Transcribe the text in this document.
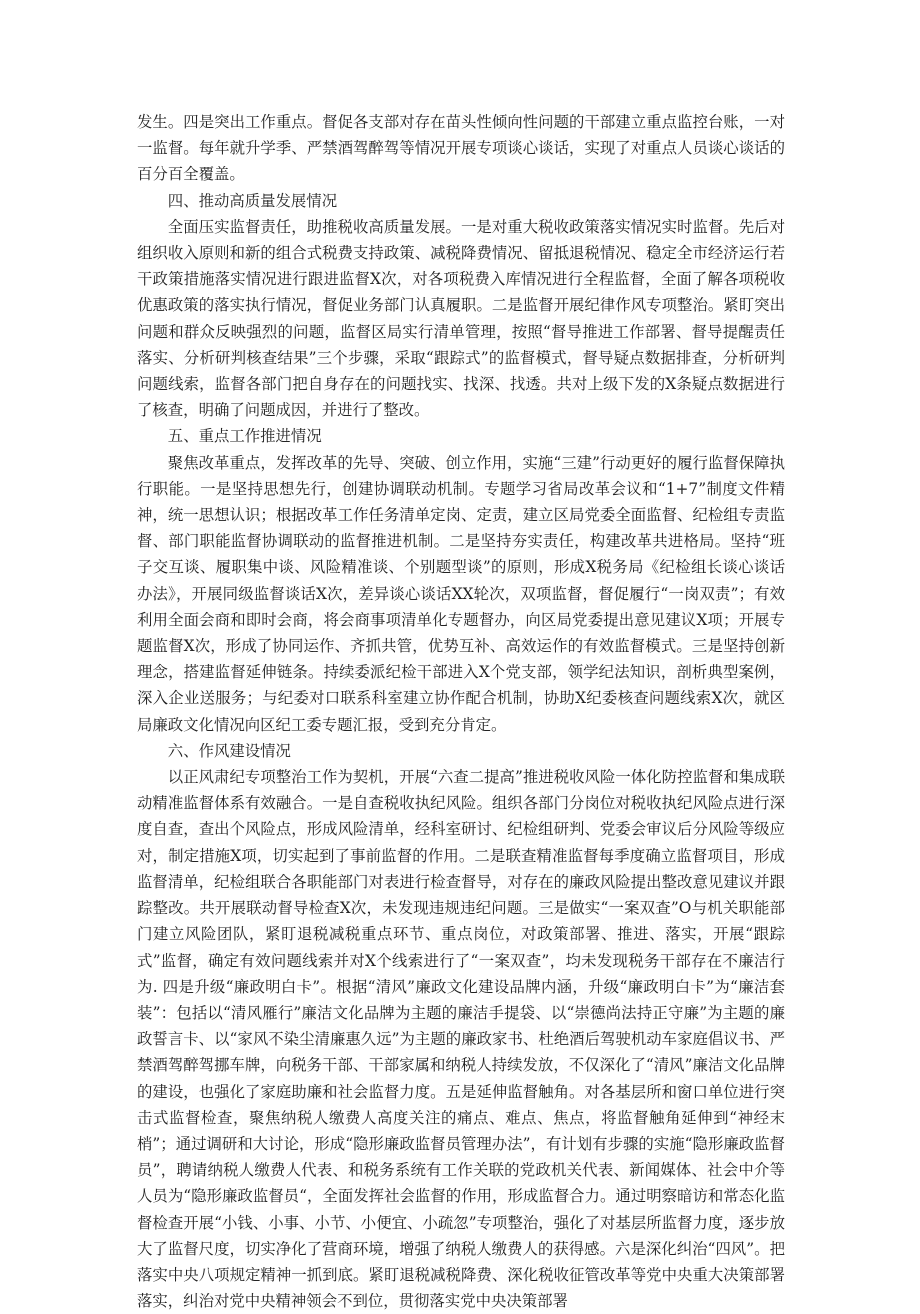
发生。四是突出工作重点。督促各支部对存在苗头性倾向性问题的干部建立重点监控台账，一对一监督。每年就升学季、严禁酒驾醉驾等情况开展专项谈心谈话，实现了对重点人员谈心谈话的百分百全覆盖。

四、推动高质量发展情况

全面压实监督责任，助推税收高质量发展。一是对重大税收政策落实情况实时监督。先后对组织收入原则和新的组合式税费支持政策、减税降费情况、留抵退税情况、稳定全市经济运行若干政策措施落实情况进行跟进监督X次，对各项税费入库情况进行全程监督，全面了解各项税收优惠政策的落实执行情况，督促业务部门认真履职。二是监督开展纪律作风专项整治。紧盯突出问题和群众反映强烈的问题，监督区局实行清单管理，按照“督导推进工作部署、督导提醒责任落实、分析研判核查结果”三个步骤，采取“跟踪式”的监督模式，督导疑点数据排查，分析研判问题线索，监督各部门把自身存在的问题找实、找深、找透。共对上级下发的X条疑点数据进行了核查，明确了问题成因，并进行了整改。

五、重点工作推进情况

聚焦改革重点，发挥改革的先导、突破、创立作用，实施“三建”行动更好的履行监督保障执行职能。一是坚持思想先行，创建协调联动机制。专题学习省局改革会议和“1+7”制度文件精神，统一思想认识；根据改革工作任务清单定岗、定责，建立区局党委全面监督、纪检组专责监督、部门职能监督协调联动的监督推进机制。二是坚持夯实责任，构建改革共进格局。坚持“班子交互谈、履职集中谈、风险精准谈、个别题型谈”的原则，形成X税务局《纪检组长谈心谈话办法》，开展同级监督谈话X次，差异谈心谈话XX轮次，双项监督，督促履行“一岗双责”；有效利用全面会商和即时会商，将会商事项清单化专题督办，向区局党委提出意见建议X项；开展专题监督X次，形成了协同运作、齐抓共管，优势互补、高效运作的有效监督模式。三是坚持创新理念，搭建监督延伸链条。持续委派纪检干部进入X个党支部，领学纪法知识，剖析典型案例，深入企业送服务；与纪委对口联系科室建立协作配合机制，协助X纪委核查问题线索X次，就区局廉政文化情况向区纪工委专题汇报，受到充分肯定。

六、作风建设情况

以正风肃纪专项整治工作为契机，开展“六查二提高”推进税收风险一体化防控监督和集成联动精准监督体系有效融合。一是自查税收执纪风险。组织各部门分岗位对税收执纪风险点进行深度自查，查出个风险点，形成风险清单，经科室研讨、纪检组研判、党委会审议后分风险等级应对，制定措施X项，切实起到了事前监督的作用。二是联查精准监督每季度确立监督项目，形成监督清单，纪检组联合各职能部门对表进行检查督导，对存在的廉政风险提出整改意见建议并跟踪整改。共开展联动督导检查X次，未发现违规违纪问题。三是做实“一案双查”O与机关职能部门建立风险团队，紧盯退税减税重点环节、重点岗位，对政策部署、推进、落实，开展“跟踪式”监督，确定有效问题线索并对X个线索进行了“一案双查”，均未发现税务干部存在不廉洁行为. 四是升级“廉政明白卡”。根据“清风”廉政文化建设品牌内涵，升级“廉政明白卡”为“廉洁套装”：包括以“清风雁行”廉洁文化品牌为主题的廉洁手提袋、以“崇德尚法持正守廉”为主题的廉政誓言卡、以“家风不染尘清廉惠久远”为主题的廉政家书、杜绝酒后驾驶机动车家庭倡议书、严禁酒驾醉驾挪车牌，向税务干部、干部家属和纳税人持续发放，不仅深化了“清风”廉洁文化品牌的建设，也强化了家庭助廉和社会监督力度。五是延伸监督触角。对各基层所和窗口单位进行突击式监督检查，聚焦纳税人缴费人高度关注的痛点、难点、焦点，将监督触角延伸到“神经末梢”；通过调研和大讨论，形成“隐形廉政监督员管理办法”，有计划有步骤的实施“隐形廉政监督员”，聘请纳税人缴费人代表、和税务系统有工作关联的党政机关代表、新闻媒体、社会中介等人员为“隐形廉政监督员“，全面发挥社会监督的作用，形成监督合力。通过明察暗访和常态化监督检查开展“小钱、小事、小节、小便宜、小疏忽”专项整治，强化了对基层所监督力度，逐步放大了监督尺度，切实净化了营商环境，增强了纳税人缴费人的获得感。六是深化纠治“四风”。把落实中央八项规定精神一抓到底。紧盯退税减税降费、深化税收征管改革等党中央重大决策部署落实，纠治对党中央精神领会不到位，贯彻落实党中央决策部署
